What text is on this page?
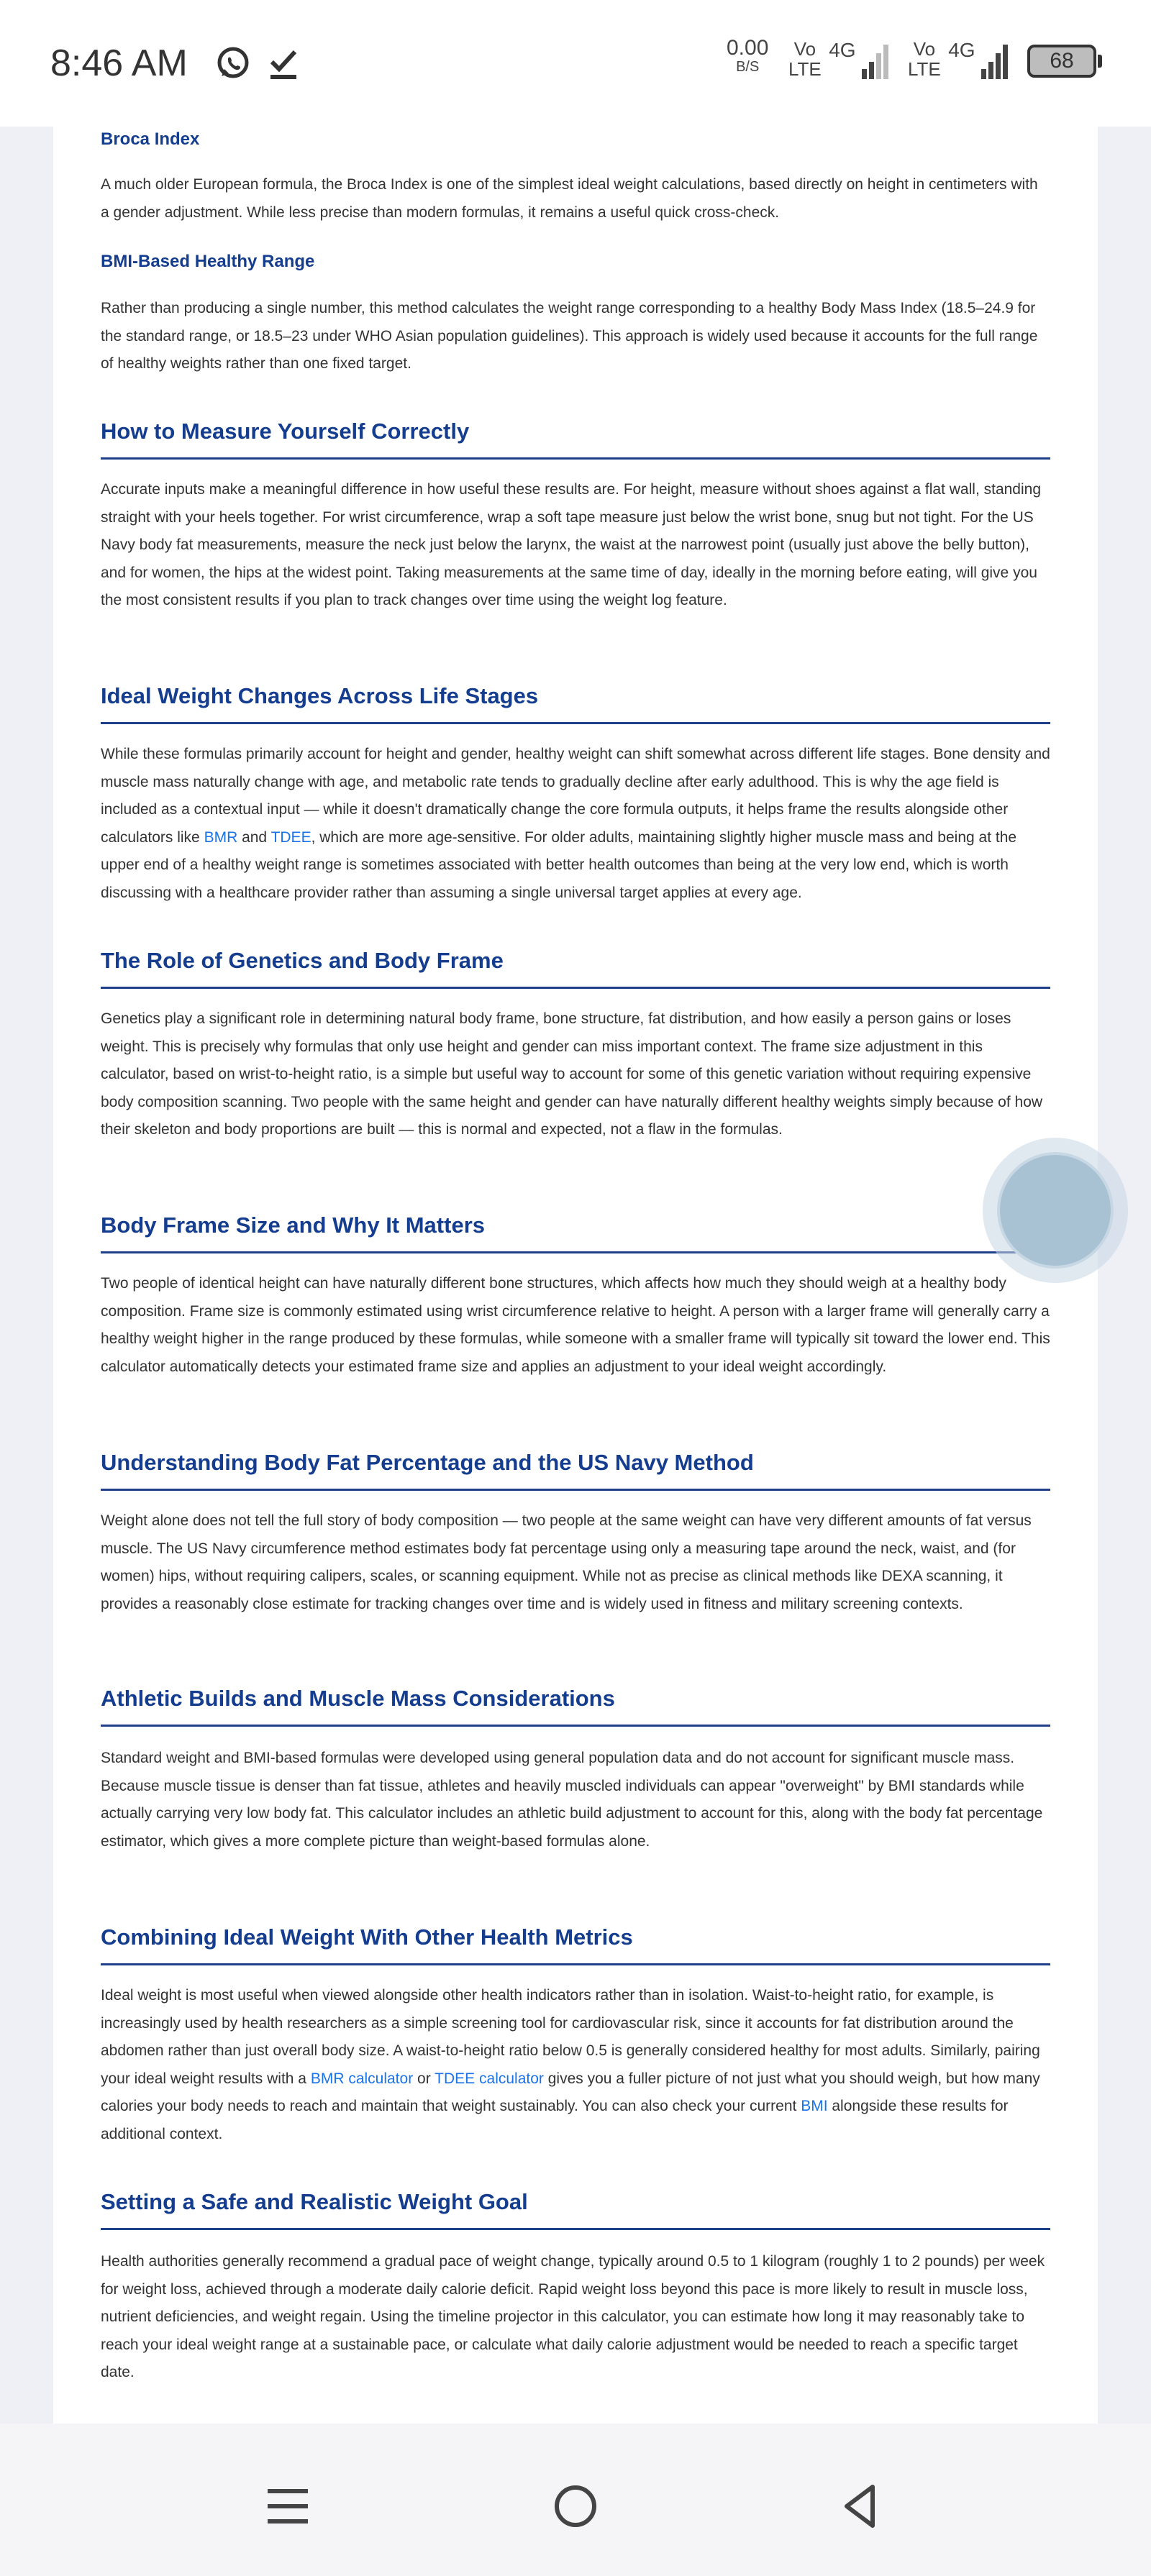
8:46 AM	0.00
B/S
Vo
LTE 4G	Vo
LTE 4G	68
Broca Index

A much older European formula, the Broca Index is one of the simplest ideal weight calculations, based directly on height in centimeters with a gender adjustment. While less precise than modern formulas, it remains a useful quick cross-check.

BMI-Based Healthy Range

Rather than producing a single number, this method calculates the weight range corresponding to a healthy Body Mass Index (18.5–24.9 for the standard range, or 18.5–23 under WHO Asian population guidelines). This approach is widely used because it accounts for the full range of healthy weights rather than one fixed target.

How to Measure Yourself Correctly

Accurate inputs make a meaningful difference in how useful these results are. For height, measure without shoes against a flat wall, standing straight with your heels together. For wrist circumference, wrap a soft tape measure just below the wrist bone, snug but not tight. For the US Navy body fat measurements, measure the neck just below the larynx, the waist at the narrowest point (usually just above the belly button), and for women, the hips at the widest point. Taking measurements at the same time of day, ideally in the morning before eating, will give you the most consistent results if you plan to track changes over time using the weight log feature.

Ideal Weight Changes Across Life Stages

While these formulas primarily account for height and gender, healthy weight can shift somewhat across different life stages. Bone density and muscle mass naturally change with age, and metabolic rate tends to gradually decline after early adulthood. This is why the age field is included as a contextual input — while it doesn't dramatically change the core formula outputs, it helps frame the results alongside other calculators like BMR and TDEE, which are more age-sensitive. For older adults, maintaining slightly higher muscle mass and being at the upper end of a healthy weight range is sometimes associated with better health outcomes than being at the very low end, which is worth discussing with a healthcare provider rather than assuming a single universal target applies at every age.

The Role of Genetics and Body Frame

Genetics play a significant role in determining natural body frame, bone structure, fat distribution, and how easily a person gains or loses weight. This is precisely why formulas that only use height and gender can miss important context. The frame size adjustment in this calculator, based on wrist-to-height ratio, is a simple but useful way to account for some of this genetic variation without requiring expensive body composition scanning. Two people with the same height and gender can have naturally different healthy weights simply because of how their skeleton and body proportions are built — this is normal and expected, not a flaw in the formulas.

Body Frame Size and Why It Matters

Two people of identical height can have naturally different bone structures, which affects how much they should weigh at a healthy body composition. Frame size is commonly estimated using wrist circumference relative to height. A person with a larger frame will generally carry a healthy weight higher in the range produced by these formulas, while someone with a smaller frame will typically sit toward the lower end. This calculator automatically detects your estimated frame size and applies an adjustment to your ideal weight accordingly.

Understanding Body Fat Percentage and the US Navy Method

Weight alone does not tell the full story of body composition — two people at the same weight can have very different amounts of fat versus muscle. The US Navy circumference method estimates body fat percentage using only a measuring tape around the neck, waist, and (for women) hips, without requiring calipers, scales, or scanning equipment. While not as precise as clinical methods like DEXA scanning, it provides a reasonably close estimate for tracking changes over time and is widely used in fitness and military screening contexts.

Athletic Builds and Muscle Mass Considerations

Standard weight and BMI-based formulas were developed using general population data and do not account for significant muscle mass. Because muscle tissue is denser than fat tissue, athletes and heavily muscled individuals can appear "overweight" by BMI standards while actually carrying very low body fat. This calculator includes an athletic build adjustment to account for this, along with the body fat percentage estimator, which gives a more complete picture than weight-based formulas alone.

Combining Ideal Weight With Other Health Metrics

Ideal weight is most useful when viewed alongside other health indicators rather than in isolation. Waist-to-height ratio, for example, is increasingly used by health researchers as a simple screening tool for cardiovascular risk, since it accounts for fat distribution around the abdomen rather than just overall body size. A waist-to-height ratio below 0.5 is generally considered healthy for most adults. Similarly, pairing your ideal weight results with a BMR calculator or TDEE calculator gives you a fuller picture of not just what you should weigh, but how many calories your body needs to reach and maintain that weight sustainably. You can also check your current BMI alongside these results for additional context.

Setting a Safe and Realistic Weight Goal

Health authorities generally recommend a gradual pace of weight change, typically around 0.5 to 1 kilogram (roughly 1 to 2 pounds) per week for weight loss, achieved through a moderate daily calorie deficit. Rapid weight loss beyond this pace is more likely to result in muscle loss, nutrient deficiencies, and weight regain. Using the timeline projector in this calculator, you can estimate how long it may reasonably take to reach your ideal weight range at a sustainable pace, or calculate what daily calorie adjustment would be needed to reach a specific target date.
